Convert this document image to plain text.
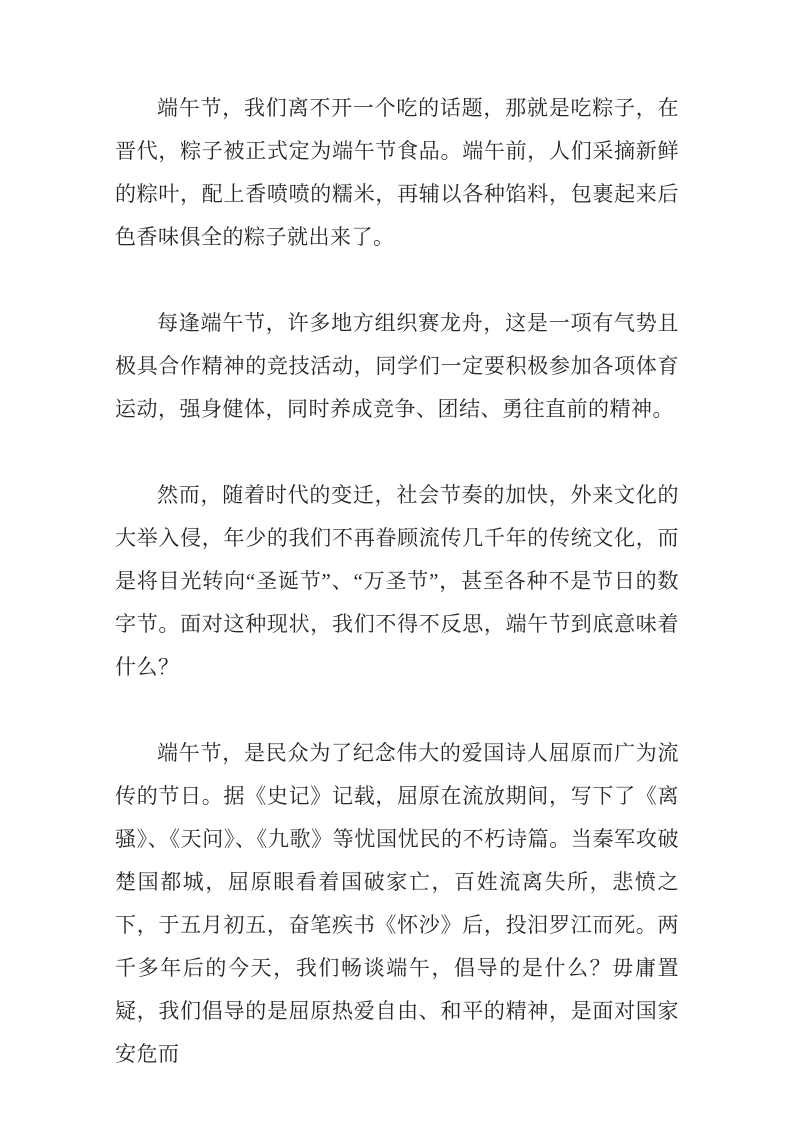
端午节，我们离不开一个吃的话题，那就是吃粽子，在晋代，粽子被正式定为端午节食品。端午前，人们采摘新鲜的粽叶，配上香喷喷的糯米，再辅以各种馅料，包裹起来后色香味俱全的粽子就出来了。

每逢端午节，许多地方组织赛龙舟，这是一项有气势且极具合作精神的竞技活动，同学们一定要积极参加各项体育运动，强身健体，同时养成竞争、团结、勇往直前的精神。

然而，随着时代的变迁，社会节奏的加快，外来文化的大举入侵，年少的我们不再眷顾流传几千年的传统文化，而是将目光转向“圣诞节”、“万圣节”，甚至各种不是节日的数字节。面对这种现状，我们不得不反思，端午节到底意味着什么？

端午节，是民众为了纪念伟大的爱国诗人屈原而广为流传的节日。据《史记》记载，屈原在流放期间，写下了《离骚》、《天问》、《九歌》等忧国忧民的不朽诗篇。当秦军攻破楚国都城，屈原眼看着国破家亡，百姓流离失所，悲愤之下，于五月初五，奋笔疾书《怀沙》后，投汨罗江而死。两千多年后的今天，我们畅谈端午，倡导的是什么？毋庸置疑，我们倡导的是屈原热爱自由、和平的精神，是面对国家安危而
